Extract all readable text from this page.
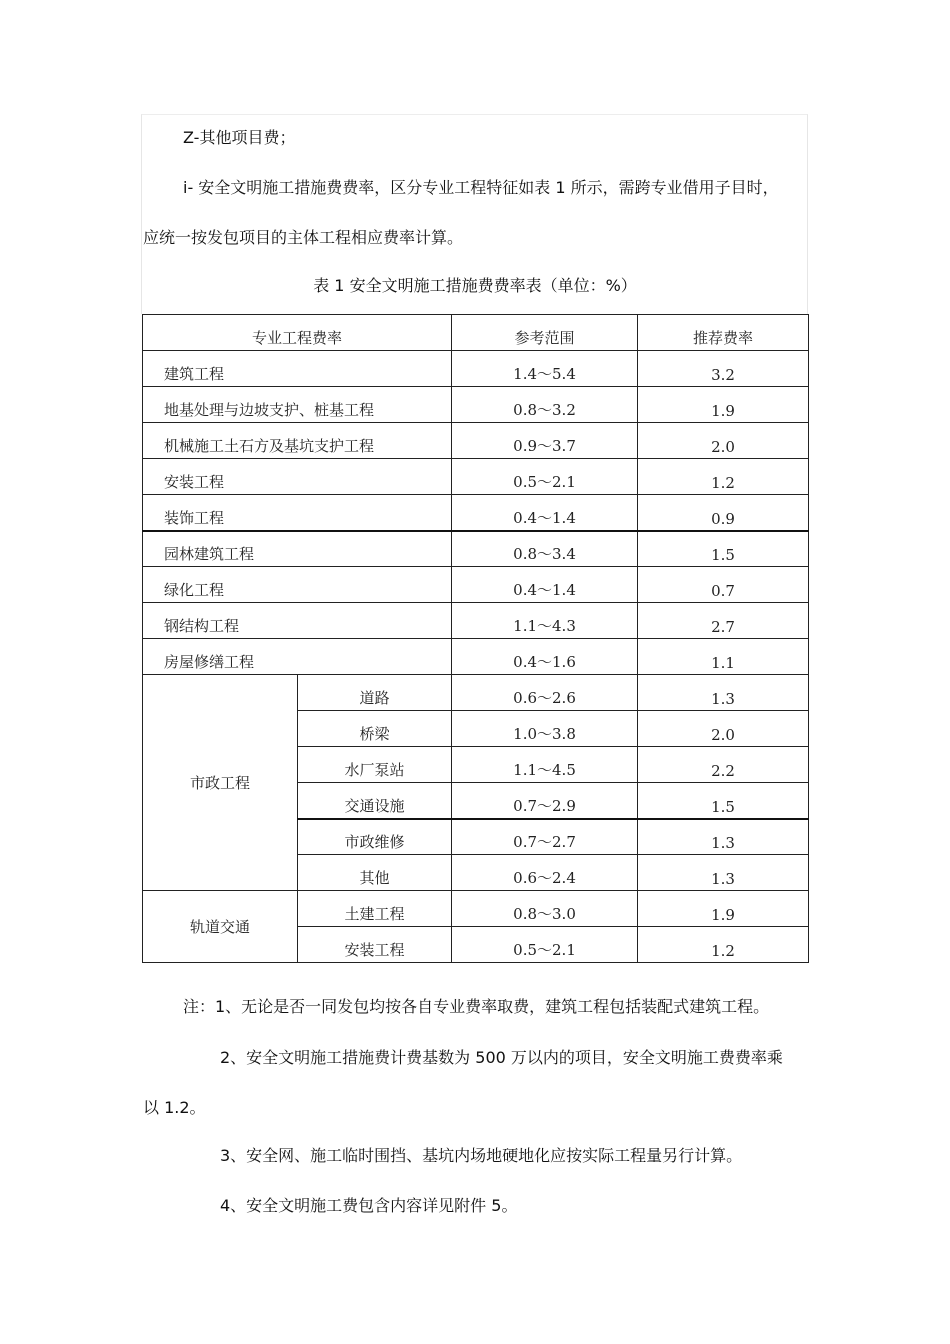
Z-其他项目费；
i- 安全文明施工措施费费率，区分专业工程特征如表 1 所示，需跨专业借用子目时，
应统一按发包项目的主体工程相应费率计算。
表 1 安全文明施工措施费费率表（单位：%）
专业工程费率		参考范围	推荐费率
建筑工程		1.4～5.4	3.2
地基处理与边坡支护、桩基工程		0.8～3.2	1.9
机械施工土石方及基坑支护工程		0.9～3.7	2.0
安装工程		0.5～2.1	1.2
装饰工程		0.4～1.4	0.9
园林建筑工程		0.8～3.4	1.5
绿化工程		0.4～1.4	0.7
钢结构工程		1.1～4.3	2.7
房屋修缮工程		0.4～1.6	1.1
市政工程	道路	0.6～2.6	1.3
	桥梁	1.0～3.8	2.0
	水厂泵站	1.1～4.5	2.2
	交通设施	0.7～2.9	1.5
	市政维修	0.7～2.7	1.3
	其他	0.6～2.4	1.3
轨道交通	土建工程	0.8～3.0	1.9
	安装工程	0.5～2.1	1.2
注：1、无论是否一同发包均按各自专业费率取费，建筑工程包括装配式建筑工程。
2、安全文明施工措施费计费基数为 500 万以内的项目，安全文明施工费费率乘
以 1.2。
3、安全网、施工临时围挡、基坑内场地硬地化应按实际工程量另行计算。
4、安全文明施工费包含内容详见附件 5。
